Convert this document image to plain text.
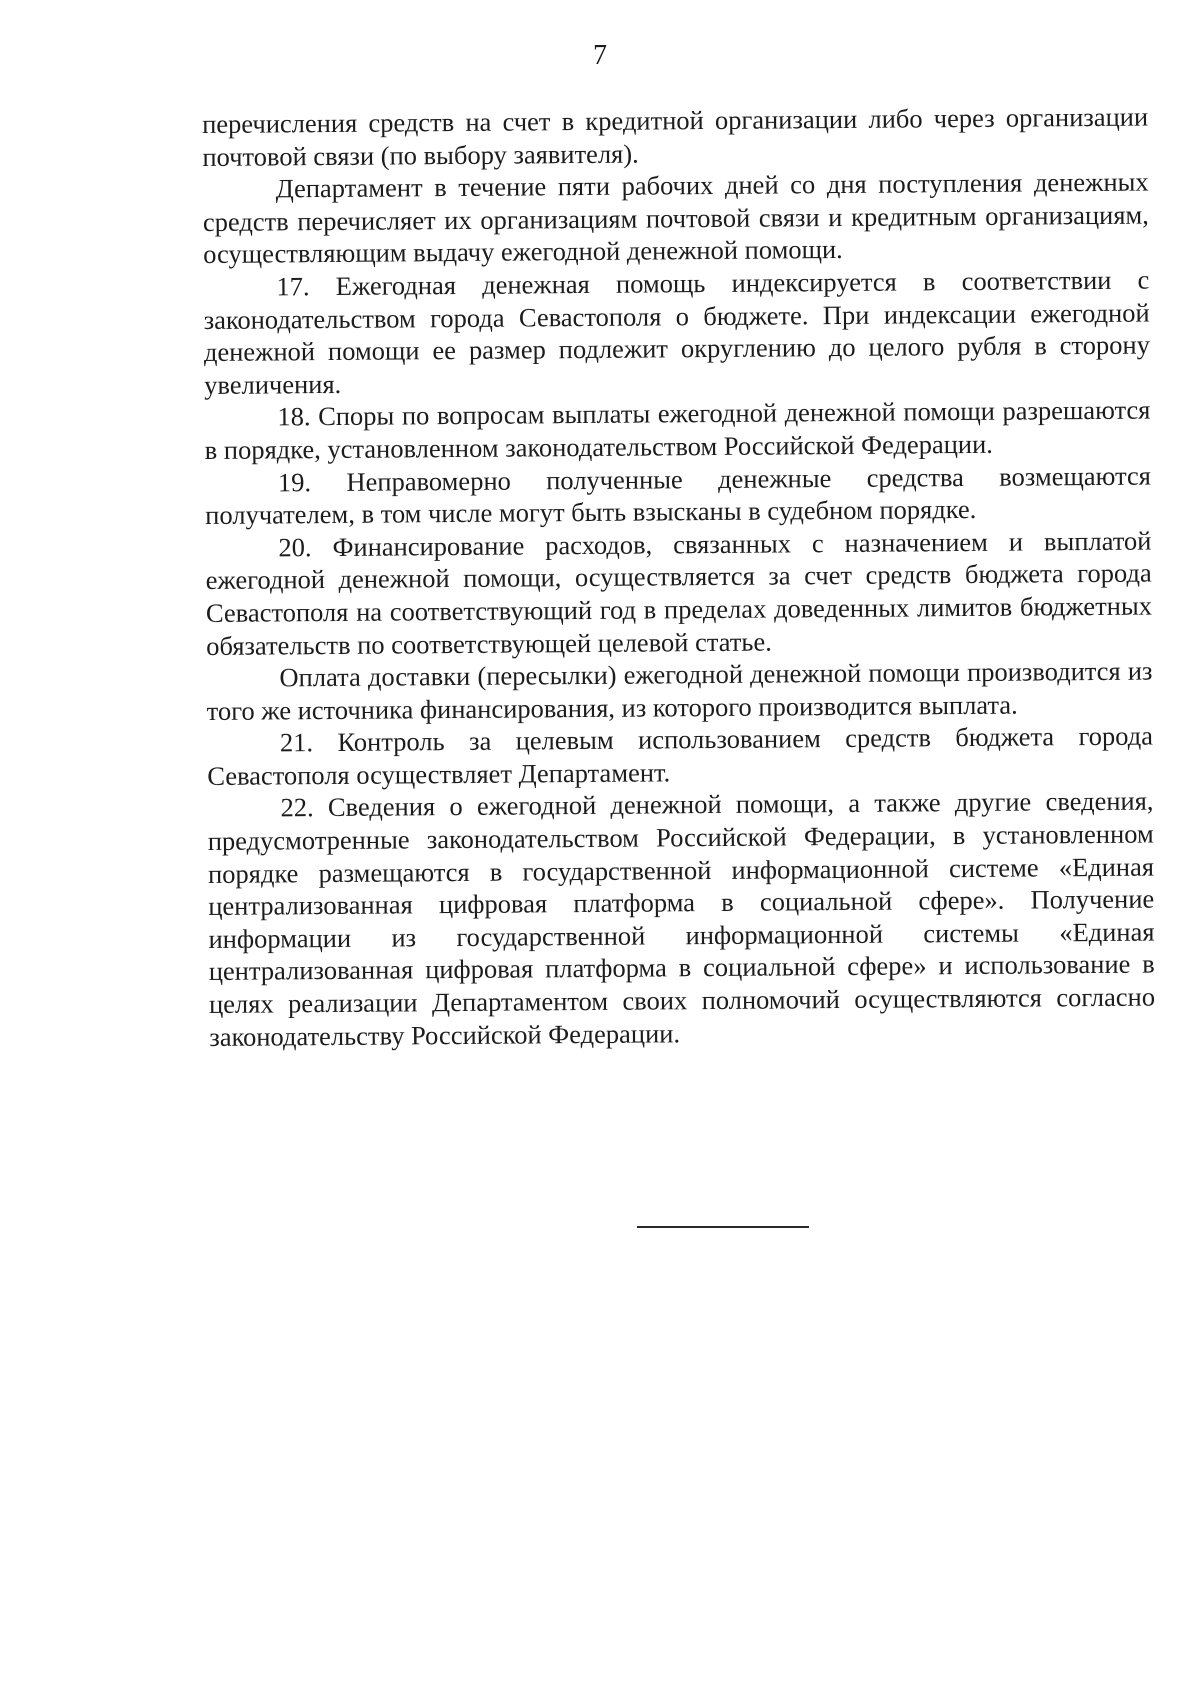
7

перечисления средств на счет в кредитной организации либо через организации почтовой связи (по выбору заявителя).

Департамент в течение пяти рабочих дней со дня поступления денежных средств перечисляет их организациям почтовой связи и кредитным организациям, осуществляющим выдачу ежегодной денежной помощи.

17. Ежегодная денежная помощь индексируется в соответствии с законодательством города Севастополя о бюджете. При индексации ежегодной денежной помощи ее размер подлежит округлению до целого рубля в сторону увеличения.

18. Споры по вопросам выплаты ежегодной денежной помощи разрешаются в порядке, установленном законодательством Российской Федерации.

19. Неправомерно полученные денежные средства возмещаются получателем, в том числе могут быть взысканы в судебном порядке.

20. Финансирование расходов, связанных с назначением и выплатой ежегодной денежной помощи, осуществляется за счет средств бюджета города Севастополя на соответствующий год в пределах доведенных лимитов бюджетных обязательств по соответствующей целевой статье.

Оплата доставки (пересылки) ежегодной денежной помощи производится из того же источника финансирования, из которого производится выплата.

21. Контроль за целевым использованием средств бюджета города Севастополя осуществляет Департамент.

22. Сведения о ежегодной денежной помощи, а также другие сведения, предусмотренные законодательством Российской Федерации, в установленном порядке размещаются в государственной информационной системе «Единая централизованная цифровая платформа в социальной сфере». Получение информации из государственной информационной системы «Единая централизованная цифровая платформа в социальной сфере» и использование в целях реализации Департаментом своих полномочий осуществляются согласно законодательству Российской Федерации.
